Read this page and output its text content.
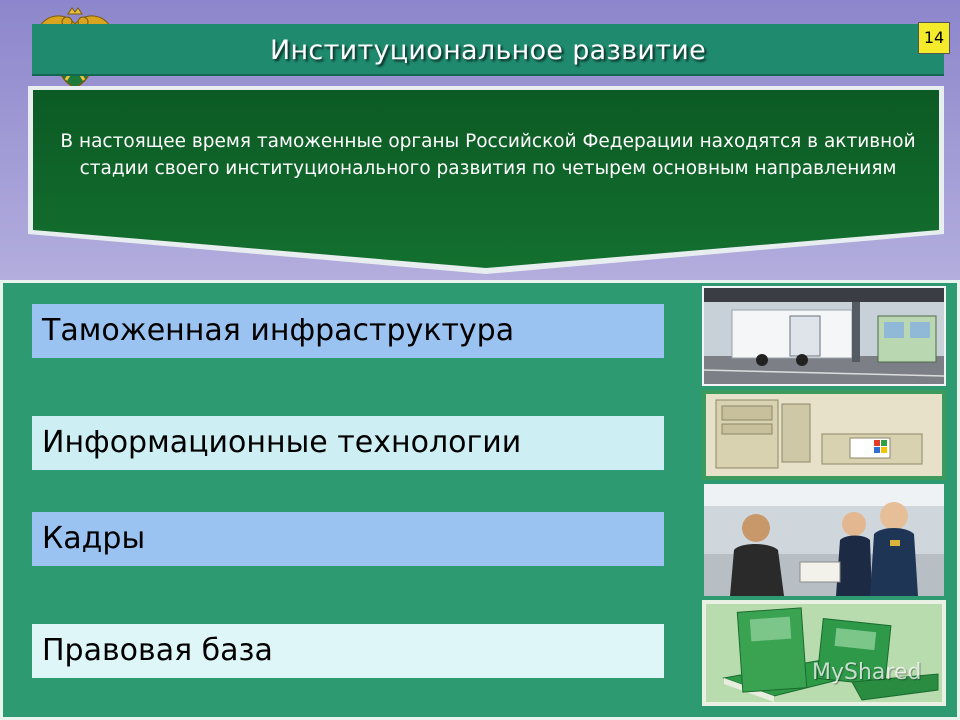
Институциональное развитие	14
В настоящее время таможенные органы Российской Федерации находятся в активной стадии своего институционального развития по четырем основным направлениям
Таможенная инфраструктура
Информационные технологии
Кадры
Правовая база
MyShared
